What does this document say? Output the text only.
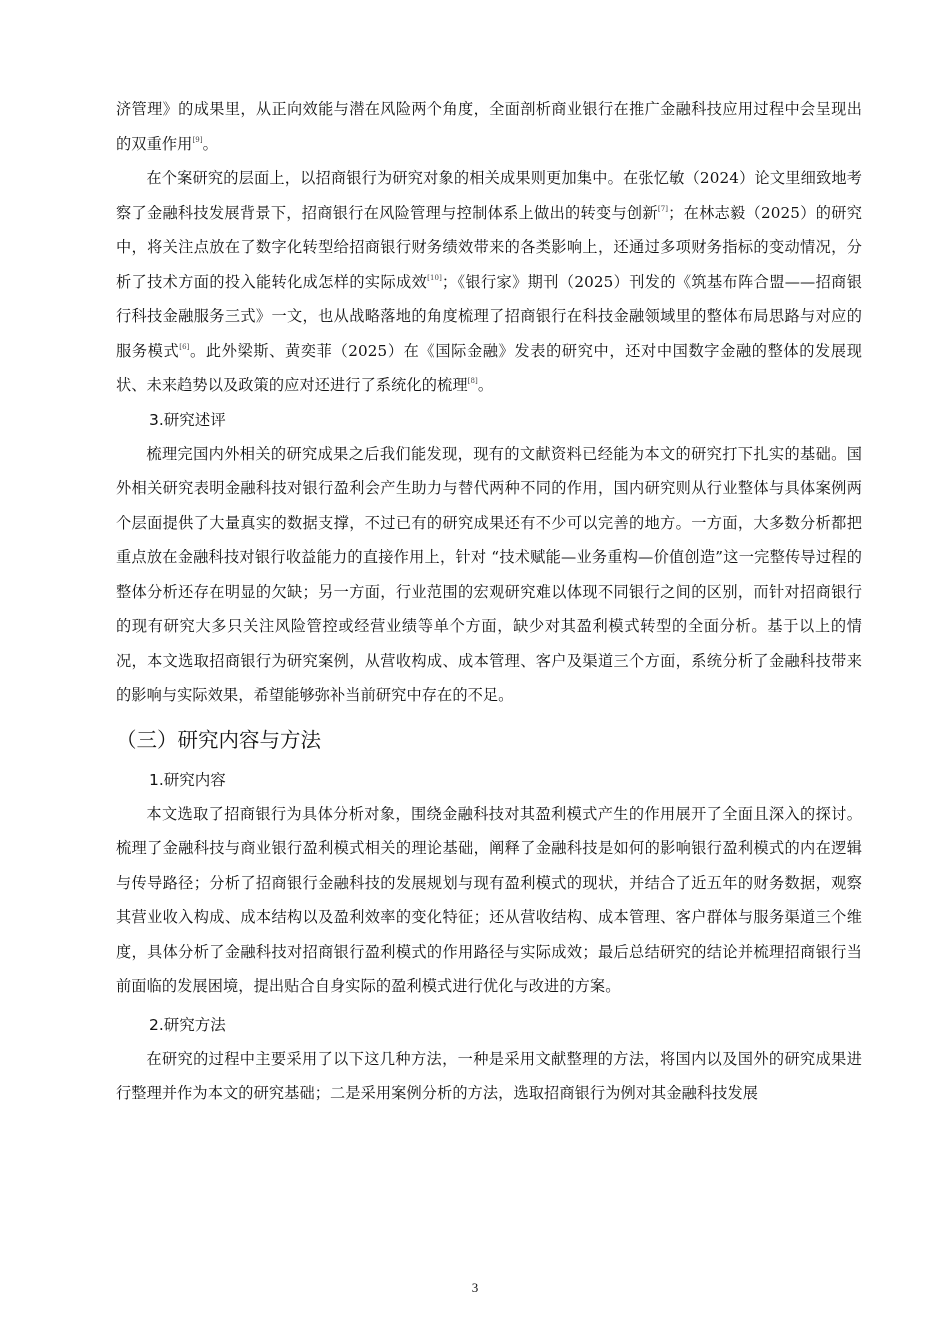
济管理》的成果里，从正向效能与潜在风险两个角度，全面剖析商业银行在推广金融科技应用过程中会呈现出的双重作用[9]。

在个案研究的层面上，以招商银行为研究对象的相关成果则更加集中。在张忆敏（2024）论文里细致地考察了金融科技发展背景下，招商银行在风险管理与控制体系上做出的转变与创新[7]；在林志毅（2025）的研究中，将关注点放在了数字化转型给招商银行财务绩效带来的各类影响上，还通过多项财务指标的变动情况，分析了技术方面的投入能转化成怎样的实际成效[10]；《银行家》期刊（2025）刊发的《筑基布阵合盟——招商银行科技金融服务三式》一文，也从战略落地的角度梳理了招商银行在科技金融领域里的整体布局思路与对应的服务模式[6]。此外梁斯、黄奕菲（2025）在《国际金融》发表的研究中，还对中国数字金融的整体的发展现状、未来趋势以及政策的应对还进行了系统化的梳理[8]。

3.研究述评

梳理完国内外相关的研究成果之后我们能发现，现有的文献资料已经能为本文的研究打下扎实的基础。国外相关研究表明金融科技对银行盈利会产生助力与替代两种不同的作用，国内研究则从行业整体与具体案例两个层面提供了大量真实的数据支撑，不过已有的研究成果还有不少可以完善的地方。一方面，大多数分析都把重点放在金融科技对银行收益能力的直接作用上，针对 “技术赋能—业务重构—价值创造”这一完整传导过程的整体分析还存在明显的欠缺；另一方面，行业范围的宏观研究难以体现不同银行之间的区别，而针对招商银行的现有研究大多只关注风险管控或经营业绩等单个方面，缺少对其盈利模式转型的全面分析。基于以上的情况，本文选取招商银行为研究案例，从营收构成、成本管理、客户及渠道三个方面，系统分析了金融科技带来的影响与实际效果，希望能够弥补当前研究中存在的不足。

（三）研究内容与方法
1.研究内容

本文选取了招商银行为具体分析对象，围绕金融科技对其盈利模式产生的作用展开了全面且深入的探讨。梳理了金融科技与商业银行盈利模式相关的理论基础，阐释了金融科技是如何的影响银行盈利模式的内在逻辑与传导路径；分析了招商银行金融科技的发展规划与现有盈利模式的现状，并结合了近五年的财务数据，观察其营业收入构成、成本结构以及盈利效率的变化特征；还从营收结构、成本管理、客户群体与服务渠道三个维度，具体分析了金融科技对招商银行盈利模式的作用路径与实际成效；最后总结研究的结论并梳理招商银行当前面临的发展困境，提出贴合自身实际的盈利模式进行优化与改进的方案。

2.研究方法

在研究的过程中主要采用了以下这几种方法，一种是采用文献整理的方法，将国内以及国外的研究成果进行整理并作为本文的研究基础；二是采用案例分析的方法，选取招商银行为例对其金融科技发展

3
